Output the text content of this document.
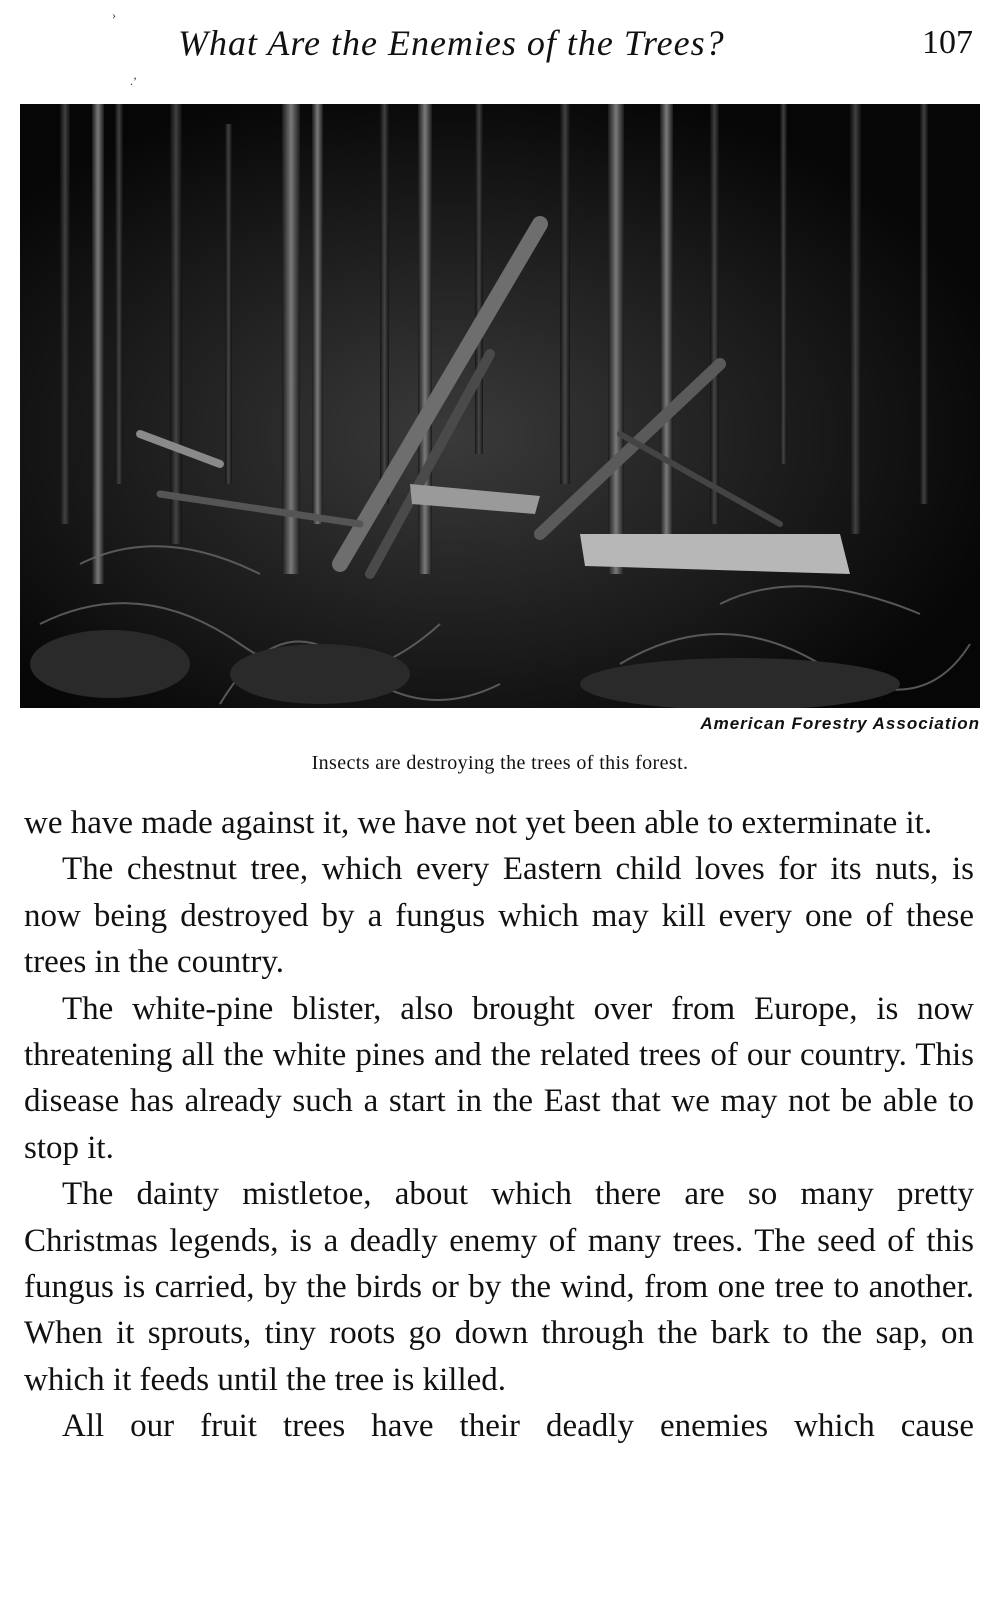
›
.’
What Are the Enemies of the Trees?	107
American Forestry Association
Insects are destroying the trees of this forest.

we have made against it, we have not yet been able to exterminate it.

The chestnut tree, which every Eastern child loves for its nuts, is now being destroyed by a fungus which may kill every one of these trees in the country.

The white-pine blister, also brought over from Europe, is now threatening all the white pines and the related trees of our country. This disease has already such a start in the East that we may not be able to stop it.

The dainty mistletoe, about which there are so many pretty Christmas legends, is a deadly enemy of many trees. The seed of this fungus is carried, by the birds or by the wind, from one tree to another. When it sprouts, tiny roots go down through the bark to the sap, on which it feeds until the tree is killed.

All our fruit trees have their deadly enemies which cause
